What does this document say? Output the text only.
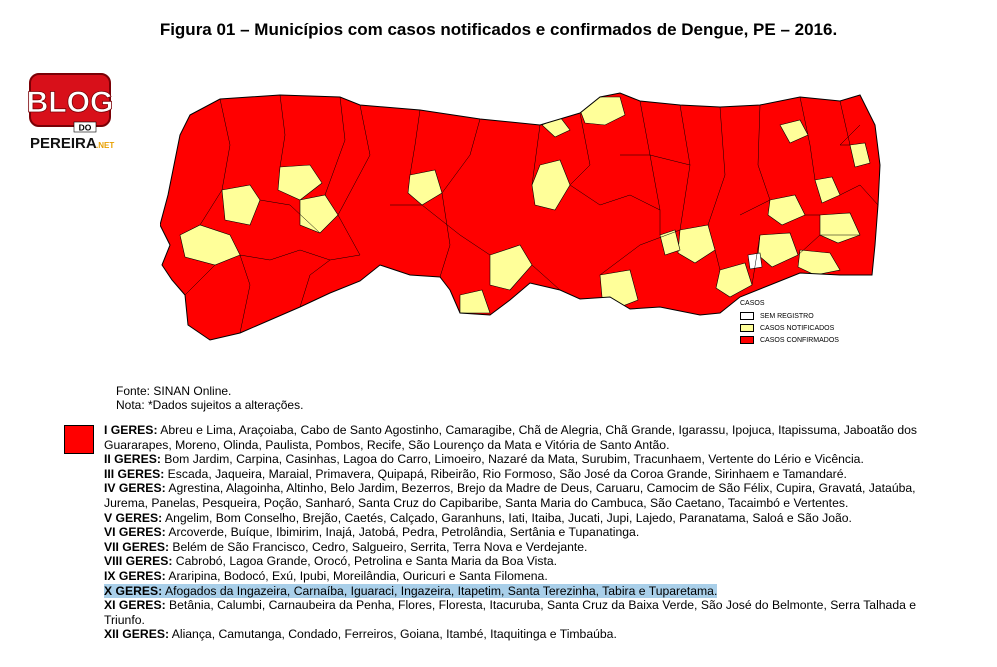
Figura 01 – Municípios com casos notificados e confirmados de Dengue, PE – 2016.
BLOG
DO
PEREIRA .NET
CASOS
SEM REGISTRO
CASOS NOTIFICADOS
CASOS CONFIRMADOS
Fonte: SINAN Online.
Nota: *Dados sujeitos a alterações.

I GERES: Abreu e Lima, Araçoiaba, Cabo de Santo Agostinho, Camaragibe, Chã de Alegria, Chã Grande, Igarassu, Ipojuca, Itapissuma, Jaboatão dos Guararapes, Moreno, Olinda, Paulista, Pombos, Recife, São Lourenço da Mata e Vitória de Santo Antão.

II GERES: Bom Jardim, Carpina, Casinhas, Lagoa do Carro, Limoeiro, Nazaré da Mata, Surubim, Tracunhaem, Vertente do Lério e Vicência.

III GERES: Escada, Jaqueira, Maraial, Primavera, Quipapá, Ribeirão, Rio Formoso, São José da Coroa Grande, Sirinhaem e Tamandaré.

IV GERES: Agrestina, Alagoinha, Altinho, Belo Jardim, Bezerros, Brejo da Madre de Deus, Caruaru, Camocim de São Félix, Cupira, Gravatá, Jataúba, Jurema, Panelas, Pesqueira, Poção, Sanharó, Santa Cruz do Capibaribe, Santa Maria do Cambuca, São Caetano, Tacaimbó e Vertentes.

V GERES: Angelim, Bom Conselho, Brejão, Caetés, Calçado, Garanhuns, Iati, Itaiba, Jucati, Jupi, Lajedo, Paranatama, Saloá e São João.

VI GERES: Arcoverde, Buíque, Ibimirim, Inajá, Jatobá, Pedra, Petrolândia, Sertânia e Tupanatinga.

VII GERES: Belém de São Francisco, Cedro, Salgueiro, Serrita, Terra Nova e Verdejante.

VIII GERES: Cabrobó, Lagoa Grande, Orocó, Petrolina e Santa Maria da Boa Vista.

IX GERES: Araripina, Bodocó, Exú, Ipubi, Moreilândia, Ouricuri e Santa Filomena.

X GERES: Afogados da Ingazeira, Carnaíba, Iguaraci, Ingazeira, Itapetim, Santa Terezinha, Tabira e Tuparetama.

XI GERES: Betânia, Calumbi, Carnaubeira da Penha, Flores, Floresta, Itacuruba, Santa Cruz da Baixa Verde, São José do Belmonte, Serra Talhada e Triunfo.

XII GERES: Aliança, Camutanga, Condado, Ferreiros, Goiana, Itambé, Itaquitinga e Timbaúba.
